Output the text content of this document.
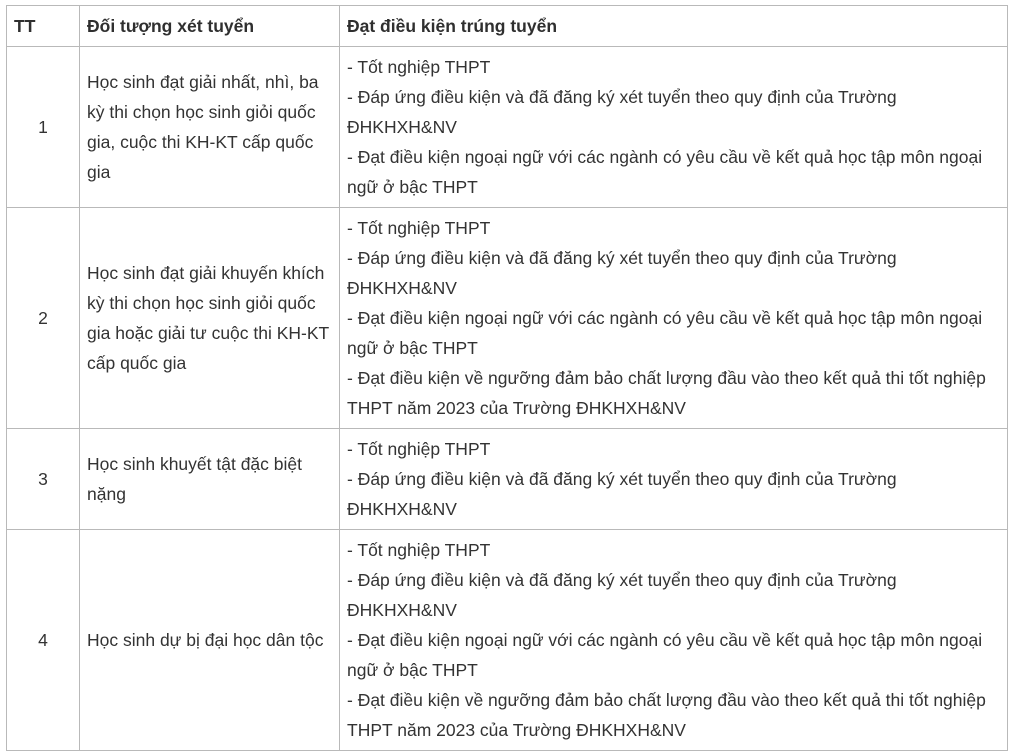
TT	Đối tượng xét tuyển	Đạt điều kiện trúng tuyển
1	Học sinh đạt giải nhất, nhì, ba kỳ thi chọn học sinh giỏi quốc gia, cuộc thi KH-KT cấp quốc gia	- Tốt nghiệp THPT
- Đáp ứng điều kiện và đã đăng ký xét tuyển theo quy định của Trường ĐHKHXH&NV
- Đạt điều kiện ngoại ngữ với các ngành có yêu cầu về kết quả học tập môn ngoại ngữ ở bậc THPT

2	Học sinh đạt giải khuyến khích kỳ thi chọn học sinh giỏi quốc gia hoặc giải tư cuộc thi KH-KT cấp quốc gia	- Tốt nghiệp THPT
- Đáp ứng điều kiện và đã đăng ký xét tuyển theo quy định của Trường ĐHKHXH&NV
- Đạt điều kiện ngoại ngữ với các ngành có yêu cầu về kết quả học tập môn ngoại ngữ ở bậc THPT
- Đạt điều kiện về ngưỡng đảm bảo chất lượng đầu vào theo kết quả thi tốt nghiệp THPT năm 2023 của Trường ĐHKHXH&NV

3	Học sinh khuyết tật đặc biệt nặng	- Tốt nghiệp THPT
- Đáp ứng điều kiện và đã đăng ký xét tuyển theo quy định của Trường ĐHKHXH&NV

4	Học sinh dự bị đại học dân tộc	- Tốt nghiệp THPT
- Đáp ứng điều kiện và đã đăng ký xét tuyển theo quy định của Trường ĐHKHXH&NV
- Đạt điều kiện ngoại ngữ với các ngành có yêu cầu về kết quả học tập môn ngoại ngữ ở bậc THPT
- Đạt điều kiện về ngưỡng đảm bảo chất lượng đầu vào theo kết quả thi tốt nghiệp THPT năm 2023 của Trường ĐHKHXH&NV
